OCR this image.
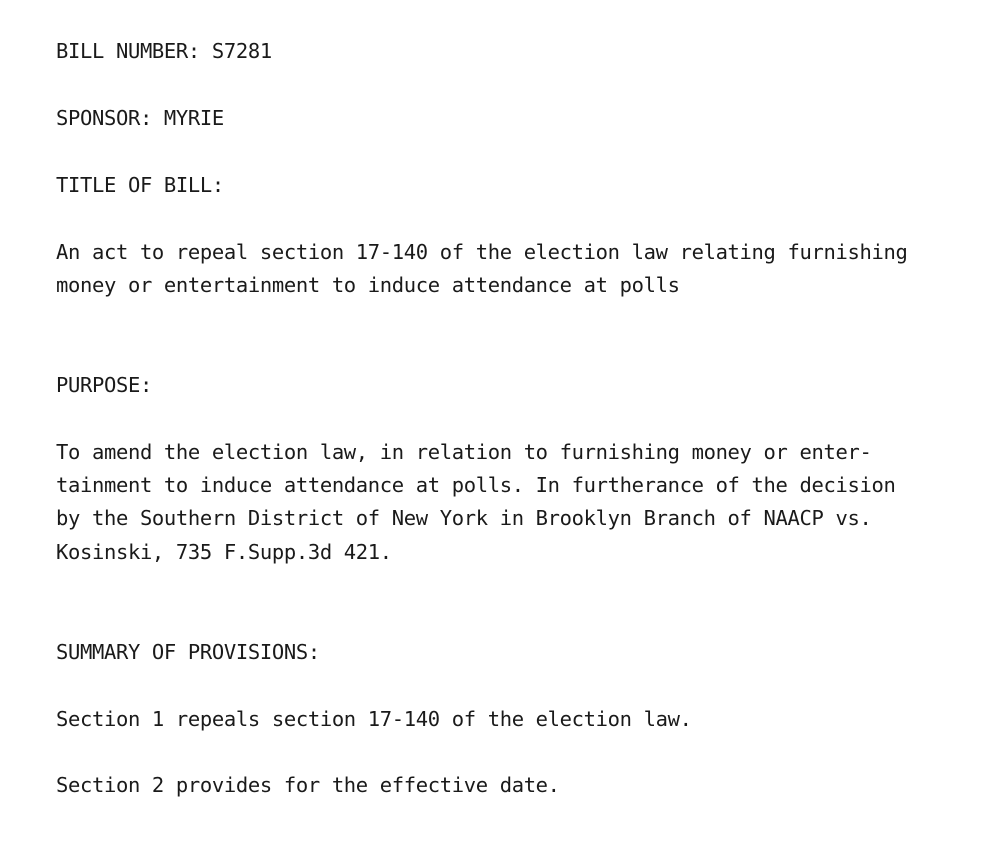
BILL NUMBER: S7281
SPONSOR: MYRIE
TITLE OF BILL:
An act to repeal section 17-140 of the election law relating furnishing
money or entertainment to induce attendance at polls
PURPOSE:
To amend the election law, in relation to furnishing money or enter-
tainment to induce attendance at polls. In furtherance of the decision
by the Southern District of New York in Brooklyn Branch of NAACP vs.
Kosinski, 735 F.Supp.3d 421.
SUMMARY OF PROVISIONS:
Section 1 repeals section 17-140 of the election law.
Section 2 provides for the effective date.
